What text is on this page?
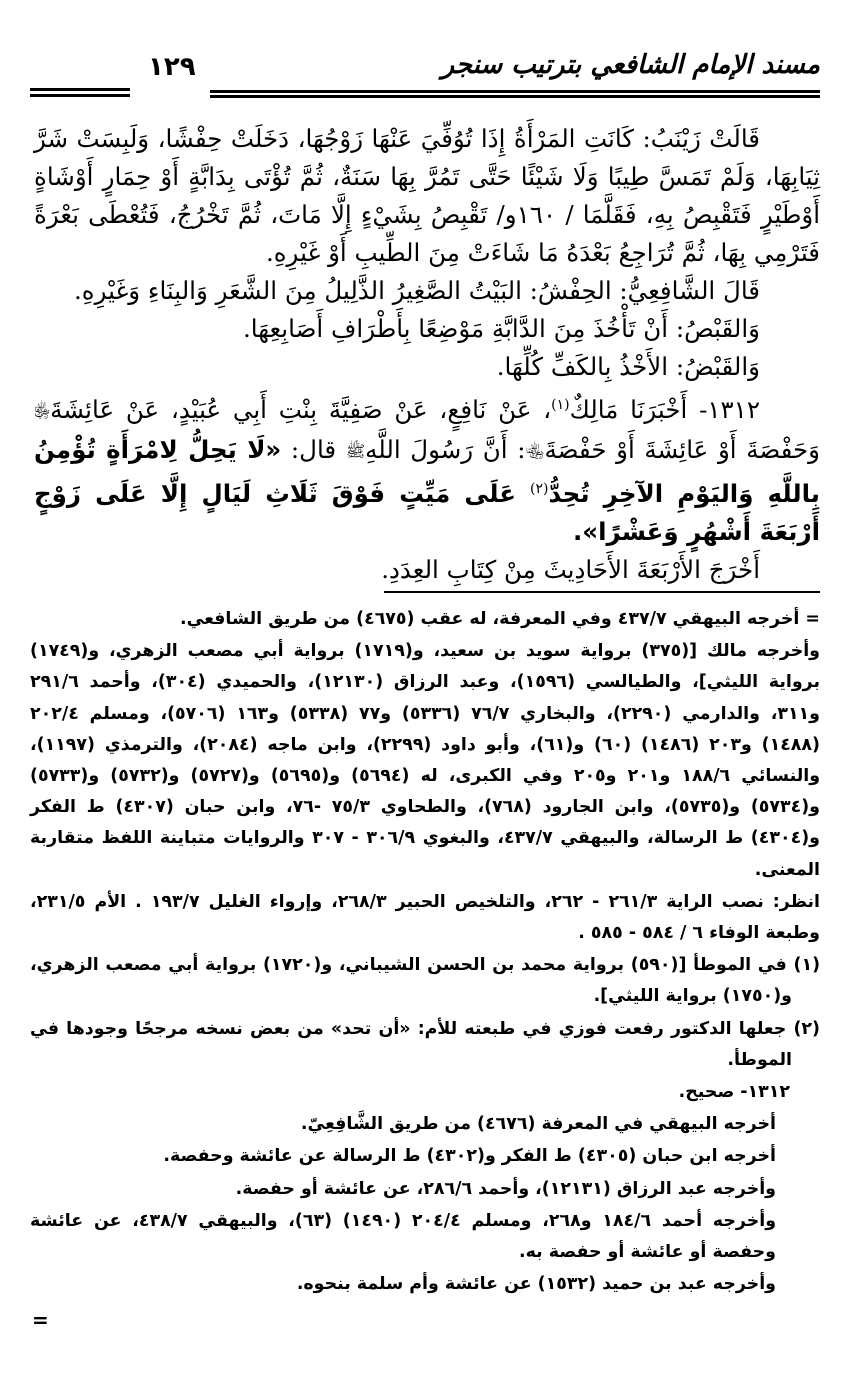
مسند الإمام الشافعي بترتيب سنجر
١٢٩

قَالَتْ زَيْنَبُ: كَانَتِ المَرْأَةُ إِذَا تُوُفِّيَ عَنْهَا زَوْجُهَا، دَخَلَتْ حِفْشًا، وَلَبِسَتْ شَرَّ ثِيَابِهَا، وَلَمْ تَمَسَّ طِيبًا وَلَا شَيْئًا حَتَّى تَمُرَّ بِهَا سَنَةٌ، ثُمَّ تُؤْتَى بِدَابَّةٍ أَوْ حِمَارٍ أَوْشَاةٍ أَوْطَيْرٍ فَتَقْبِصُ بِهِ، فَقَلَّمَا / ١٦٠و/ تَقْبِصُ بِشَيْءٍ إِلَّا مَاتَ، ثُمَّ تَخْرُجُ، فَتُعْطَى بَعْرَةً فَتَرْمِي بِهَا، ثُمَّ تُرَاجِعُ بَعْدَهُ مَا شَاءَتْ مِنَ الطِّيبِ أَوْ غَيْرِهِ.

قَالَ الشَّافِعِيُّ: الحِفْشُ: البَيْتُ الصَّغِيرُ الذَّلِيلُ مِنَ الشَّعَرِ وَالبِنَاءِ وَغَيْرِهِ.

وَالقَبْصُ: أَنْ تَأْخُذَ مِنَ الدَّابَّةِ مَوْضِعًا بِأَطْرَافِ أَصَابِعِهَا.

وَالقَبْضُ: الأَخْذُ بِالكَفِّ كُلِّهَا.

١٣١٢- أَخْبَرَنَا مَالِكٌ$^{(١)}$، عَنْ نَافِعٍ، عَنْ صَفِيَّةَ بِنْتِ أَبِي عُبَيْدٍ، عَنْ عَائِشَةَ﵂ وَحَفْصَةَ أَوْ عَائِشَةَ أَوْ حَفْصَةَ﵄: أَنَّ رَسُولَ اللَّهِﷺ قال: «لَا يَحِلُّ لِامْرَأَةٍ تُؤْمِنُ بِاللَّهِ وَاليَوْمِ الآخِرِ تُحِدُّ$^{(٢)}$ عَلَى مَيِّتٍ فَوْقَ ثَلَاثِ لَيَالٍ إِلَّا عَلَى زَوْجٍ أَرْبَعَةَ أَشْهُرٍ وَعَشْرًا».

أَخْرَجَ الأَرْبَعَةَ الأَحَادِيثَ مِنْ كِتَابِ العِدَدِ.

= أخرجه البيهقي ٤٣٧/٧ وفي المعرفة، له عقب (٤٦٧٥) من طريق الشافعي.

وأخرجه مالك [(٣٧٥) برواية سويد بن سعيد، و(١٧١٩) برواية أبي مصعب الزهري، و(١٧٤٩) برواية الليثي]، والطيالسي (١٥٩٦)، وعبد الرزاق (١٢١٣٠)، والحميدي (٣٠٤)، وأحمد ٢٩١/٦ و٣١١، والدارمي (٢٢٩٠)، والبخاري ٧٦/٧ (٥٣٣٦) و٧٧ (٥٣٣٨) و١٦٣ (٥٧٠٦)، ومسلم ٢٠٢/٤ (١٤٨٨) و٢٠٣ (١٤٨٦) (٦٠) و(٦١)، وأبو داود (٢٢٩٩)، وابن ماجه (٢٠٨٤)، والترمذي (١١٩٧)، والنسائي ١٨٨/٦ و٢٠١ و٢٠٥ وفي الكبرى، له (٥٦٩٤) و(٥٦٩٥) و(٥٧٢٧) و(٥٧٣٢) و(٥٧٣٣) و(٥٧٣٤) و(٥٧٣٥)، وابن الجارود (٧٦٨)، والطحاوي ٧٥/٣ -٧٦، وابن حبان (٤٣٠٧) ط الفكر و(٤٣٠٤) ط الرسالة، والبيهقي ٤٣٧/٧، والبغوي ٣٠٦/٩ - ٣٠٧ والروايات متباينة اللفظ متقاربة المعنى.

انظر: نصب الراية ٢٦١/٣ - ٢٦٢، والتلخيص الحبير ٢٦٨/٣، وإرواء الغليل ١٩٣/٧ . الأم ٢٣١/٥، وطبعة الوفاء ٦ / ٥٨٤ - ٥٨٥ .

(١) في الموطأ [(٥٩٠) برواية محمد بن الحسن الشيباني، و(١٧٢٠) برواية أبي مصعب الزهري، و(١٧٥٠) برواية الليثي].

(٢) جعلها الدكتور رفعت فوزي في طبعته للأم: «أن تحد» من بعض نسخه مرجحًا وجودها في الموطأ.

١٣١٢- صحيح.

أخرجه البيهقي في المعرفة (٤٦٧٦) من طريق الشَّافِعِيّ.

أخرجه ابن حبان (٤٣٠٥) ط الفكر و(٤٣٠٢) ط الرسالة عن عائشة وحفصة.

وأخرجه عبد الرزاق (١٢١٣١)، وأحمد ٢٨٦/٦، عن عائشة أو حفصة.

وأخرجه أحمد ١٨٤/٦ و٢٦٨، ومسلم ٢٠٤/٤ (١٤٩٠) (٦٣)، والبيهقي ٤٣٨/٧، عن عائشة وحفصة أو عائشة أو حفصة به.

وأخرجه عبد بن حميد (١٥٣٢) عن عائشة وأم سلمة بنحوه.

=
